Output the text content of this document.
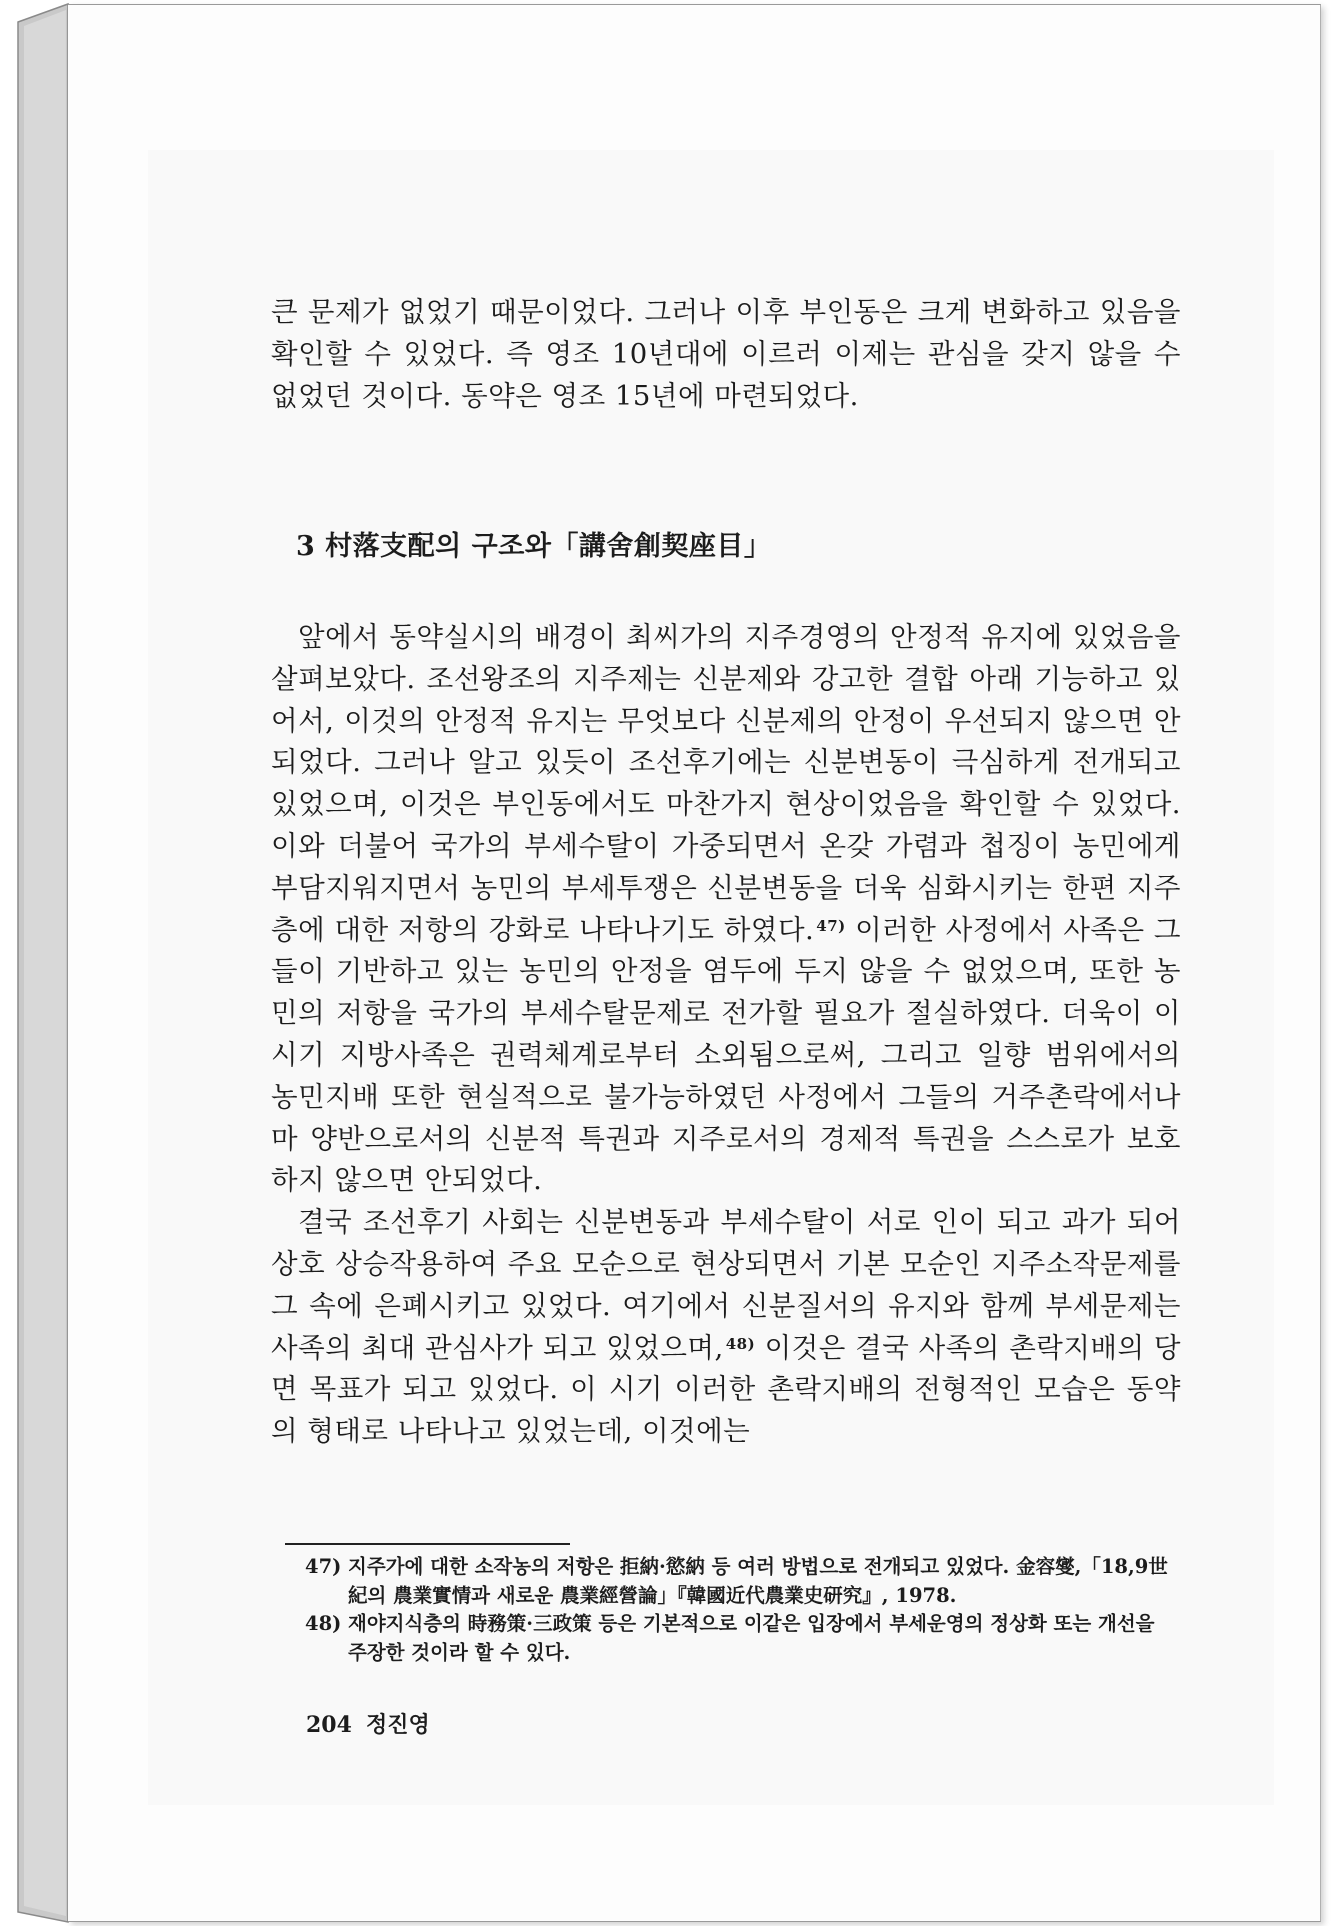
큰 문제가 없었기 때문이었다. 그러나 이후 부인동은 크게 변화하고 있음을 확인할 수 있었다. 즉 영조 10년대에 이르러 이제는 관심을 갖지 않을 수 없었던 것이다. 동약은 영조 15년에 마련되었다.
3 村落支配의 구조와「講舍創契座目」

앞에서 동약실시의 배경이 최씨가의 지주경영의 안정적 유지에 있었음을 살펴보았다. 조선왕조의 지주제는 신분제와 강고한 결합 아래 기능하고 있어서, 이것의 안정적 유지는 무엇보다 신분제의 안정이 우선되지 않으면 안되었다. 그러나 알고 있듯이 조선후기에는 신분변동이 극심하게 전개되고 있었으며, 이것은 부인동에서도 마찬가지 현상이었음을 확인할 수 있었다. 이와 더불어 국가의 부세수탈이 가중되면서 온갖 가렴과 첩징이 농민에게 부담지워지면서 농민의 부세투쟁은 신분변동을 더욱 심화시키는 한편 지주층에 대한 저항의 강화로 나타나기도 하였다. $^{47)}$ 이러한 사정에서 사족은 그들이 기반하고 있는 농민의 안정을 염두에 두지 않을 수 없었으며, 또한 농민의 저항을 국가의 부세수탈문제로 전가할 필요가 절실하였다. 더욱이 이 시기 지방사족은 권력체계로부터 소외됨으로써, 그리고 일향 범위에서의 농민지배 또한 현실적으로 불가능하였던 사정에서 그들의 거주촌락에서나마 양반으로서의 신분적 특권과 지주로서의 경제적 특권을 스스로가 보호하지 않으면 안되었다.

결국 조선후기 사회는 신분변동과 부세수탈이 서로 인이 되고 과가 되어 상호 상승작용하여 주요 모순으로 현상되면서 기본 모순인 지주소작문제를 그 속에 은폐시키고 있었다. 여기에서 신분질서의 유지와 함께 부세문제는 사족의 최대 관심사가 되고 있었으며, $^{48)}$ 이것은 결국 사족의 촌락지배의 당면 목표가 되고 있었다. 이 시기 이러한 촌락지배의 전형적인 모습은 동약의 형태로 나타나고 있었는데, 이것에는

47) 지주가에 대한 소작농의 저항은 拒納·慾納 등 여러 방법으로 전개되고 있었다. 金容燮,「18,9世紀의 農業實情과 새로운 農業經營論」『韓國近代農業史研究』, 1978.

48) 재야지식층의 時務策·三政策 등은 기본적으로 이같은 입장에서 부세운영의 정상화 또는 개선을 주장한 것이라 할 수 있다.

204 정진영
